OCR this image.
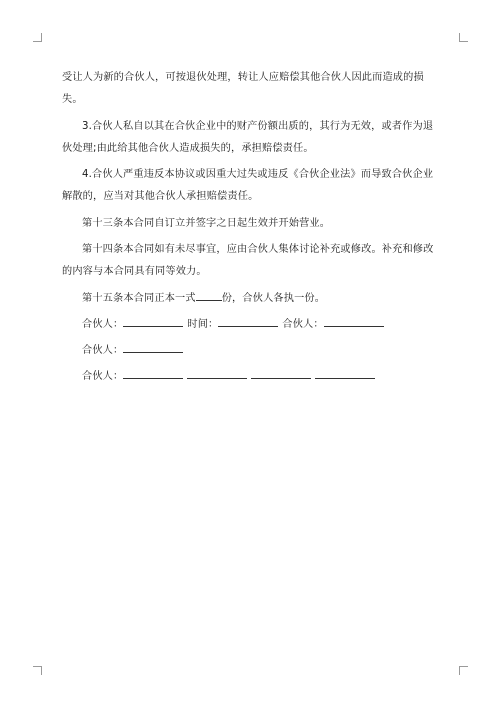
受让人为新的合伙人，可按退伙处理，转让人应赔偿其他合伙人因此而造成的损失。

3.合伙人私自以其在合伙企业中的财产份额出质的，其行为无效，或者作为退伙处理;由此给其他合伙人造成损失的，承担赔偿责任。

4.合伙人严重违反本协议或因重大过失或违反《合伙企业法》而导致合伙企业解散的，应当对其他合伙人承担赔偿责任。

第十三条本合同自订立并签字之日起生效并开始营业。

第十四条本合同如有未尽事宜，应由合伙人集体讨论补充或修改。补充和修改的内容与本合同具有同等效力。

第十五条本合同正本一式	份，合伙人各执一份。

合伙人：	时间：	合伙人：

合伙人：

合伙人：
